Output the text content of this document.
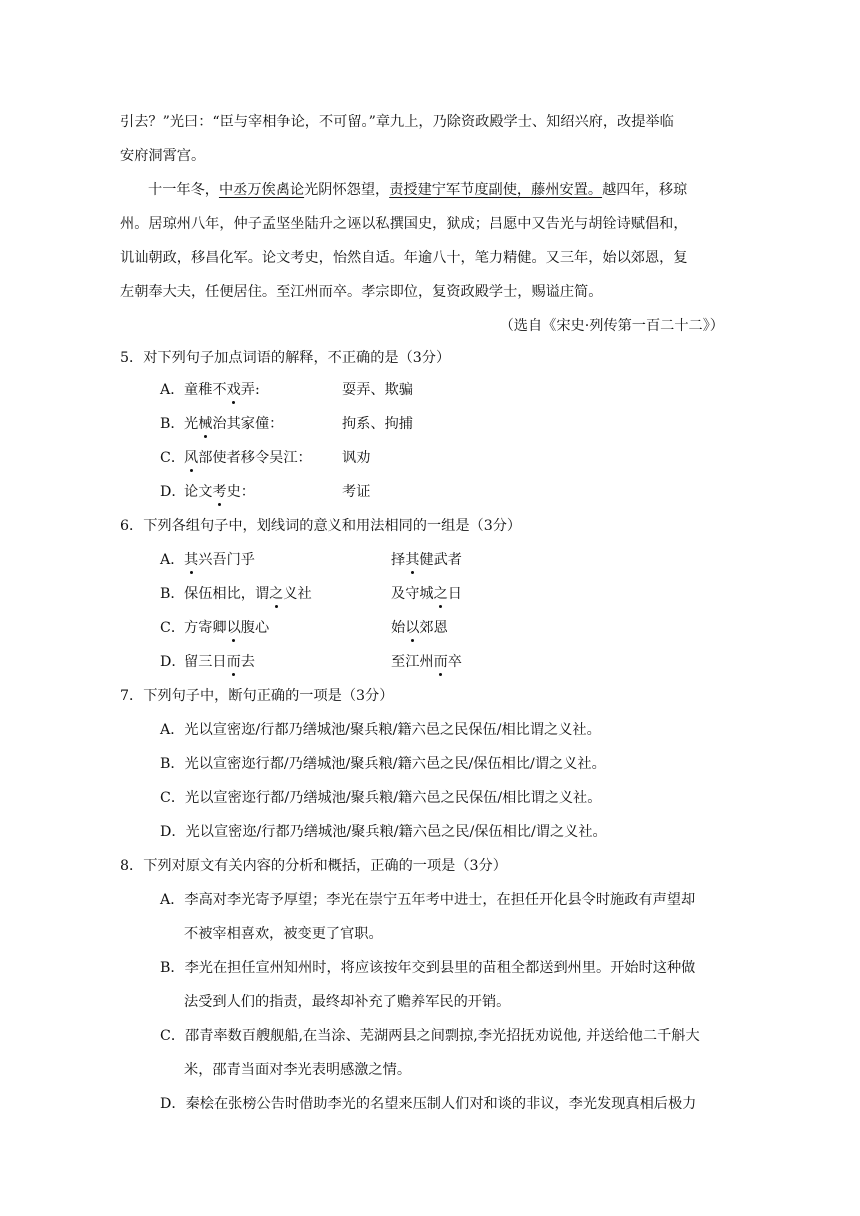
引去？”光曰：“臣与宰相争论，不可留。”章九上，乃除资政殿学士、知绍兴府，改提举临
安府洞霄宫。
十一年冬，中丞万俟禼论光阴怀怨望，责授建宁军节度副使，藤州安置。越四年，移琼
州。居琼州八年，仲子孟坚坐陆升之诬以私撰国史，狱成；吕愿中又告光与胡铨诗赋倡和，
讥讪朝政，移昌化军。论文考史，怡然自适。年逾八十，笔力精健。又三年，始以郊恩，复
左朝奉大夫，任便居住。至江州而卒。孝宗即位，复资政殿学士，赐谥庄简。
（选自《宋史·列传第一百二十二》）
5．对下列句子加点词语的解释，不正确的是（3分）
A．童稚不戏弄:	耍弄、欺骗
B．光械治其家僮：	拘系、拘捕
C．风部使者移令吴江： 讽劝
D．论文考史：	考证
6．下列各组句子中，划线词的意义和用法相同的一组是（3分）
A．其兴吾门乎	择其健武者
B．保伍相比，谓之义社	及守城之日
C．方寄卿以腹心	始以郊恩
D．留三日而去	至江州而卒
7．下列句子中，断句正确的一项是（3分）
A．光以宣密迩/行都乃缮城池/聚兵粮/籍六邑之民保伍/相比谓之义社。
B．光以宣密迩行都/乃缮城池/聚兵粮/籍六邑之民/保伍相比/谓之义社。
C．光以宣密迩行都/乃缮城池/聚兵粮/籍六邑之民保伍/相比谓之义社。
D．光以宣密迩/行都乃缮城池/聚兵粮/籍六邑之民/保伍相比/谓之义社。
8．下列对原文有关内容的分析和概括，正确的一项是（3分）
A．李高对李光寄予厚望；李光在崇宁五年考中进士，在担任开化县令时施政有声望却
不被宰相喜欢，被变更了官职。
B．李光在担任宣州知州时，将应该按年交到县里的苗租全都送到州里。开始时这种做
法受到人们的指责，最终却补充了赡养军民的开销。
C．邵青率数百艘舰船,在当涂、芜湖两县之间剽掠,李光招抚劝说他, 并送给他二千斛大
米，邵青当面对李光表明感激之情。
D．秦桧在张榜公告时借助李光的名望来压制人们对和谈的非议，李光发现真相后极力
